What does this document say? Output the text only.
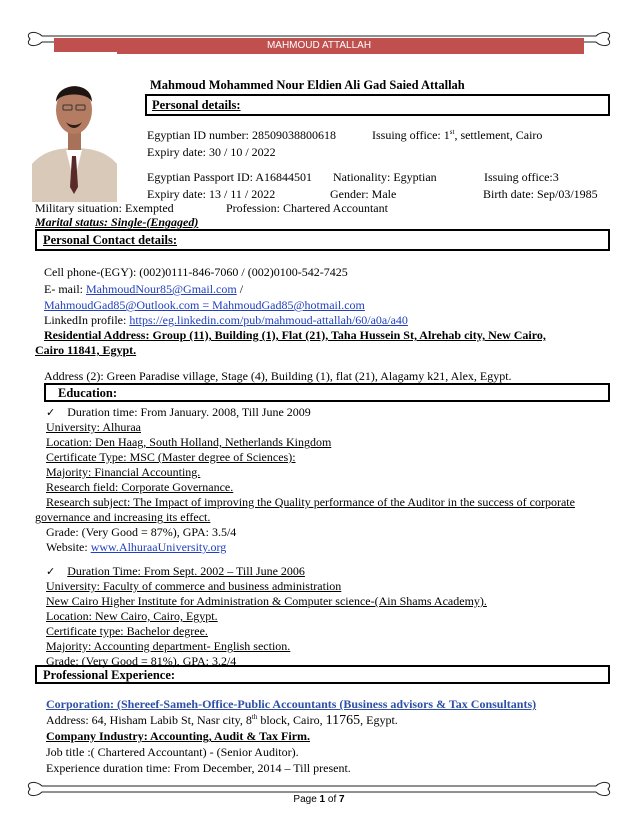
MAHMOUD ATTALLAH
Mahmoud Mohammed Nour Eldien Ali Gad Saied Attallah
Personal details:
Egyptian ID number: 28509038800618	Issuing office: 1st, settlement, Cairo
Expiry date: 30 / 10 / 2022
Egyptian Passport ID: A16844501 Nationality: Egyptian	Issuing office:3
Expiry date: 13 / 11 / 2022	Gender: Male	Birth date: Sep/03/1985
Military situation: Exempted	Profession: Chartered Accountant
Marital status: Single-(Engaged)
Personal Contact details:
Cell phone-(EGY): (002)0111-846-7060 / (002)0100-542-7425
E- mail: MahmoudNour85@Gmail.com /
MahmoudGad85@Outlook.com = MahmoudGad85@hotmail.com
LinkedIn profile: https://eg.linkedin.com/pub/mahmoud-attallah/60/a0a/a40
Residential Address: Group (11), Building (1), Flat (21), Taha Hussein St, Alrehab city, New Cairo,
Cairo 11841, Egypt.
Address (2): Green Paradise village, Stage (4), Building (1), flat (21), Alagamy k21, Alex, Egypt.
Education:
✓ Duration time: From January. 2008, Till June 2009
University: Alhuraa
Location: Den Haag, South Holland, Netherlands Kingdom
Certificate Type: MSC (Master degree of Sciences):
Majority: Financial Accounting.
Research field: Corporate Governance.
Research subject: The Impact of improving the Quality performance of the Auditor in the success of corporate
governance and increasing its effect.
Grade: (Very Good = 87%), GPA: 3.5/4
Website: www.AlhuraaUniversity.org
✓ Duration Time: From Sept. 2002 – Till June 2006
University: Faculty of commerce and business administration
New Cairo Higher Institute for Administration & Computer science-(Ain Shams Academy).
Location: New Cairo, Cairo, Egypt.
Certificate type: Bachelor degree.
Majority: Accounting department- English section.
Grade: (Very Good = 81%), GPA: 3.2/4
Professional Experience:
Corporation: (Shereef-Sameh-Office-Public Accountants (Business advisors & Tax Consultants)
Address: 64, Hisham Labib St, Nasr city, 8th block, Cairo, 11765, Egypt.
Company Industry: Accounting, Audit & Tax Firm.
Job title :( Chartered Accountant) - (Senior Auditor).
Experience duration time: From December, 2014 – Till present.
Page 1 of 7
